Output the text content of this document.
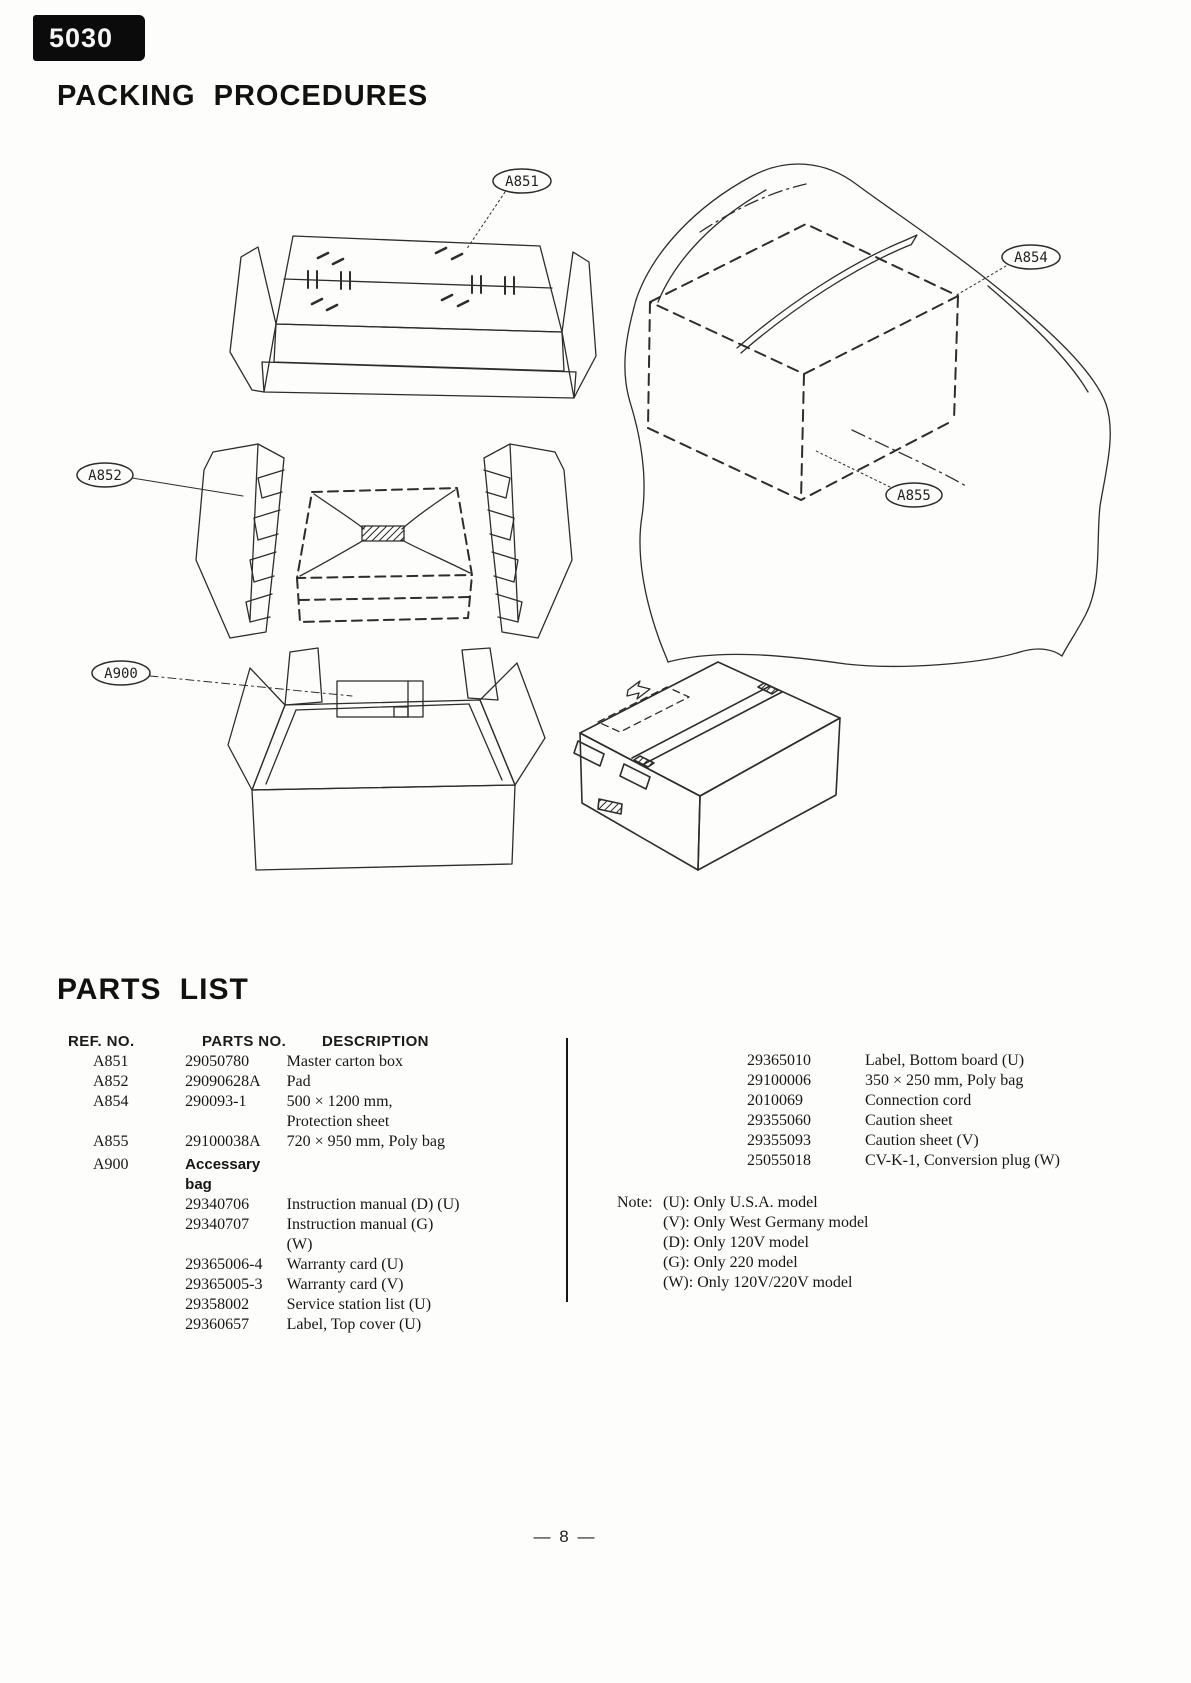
A851
A854
A852
A855
A900
5030
PACKING PROCEDURES
PARTS LIST
REF. NO.	PARTS NO.	DESCRIPTION
A851	29050780	Master carton box
A852	29090628A	Pad
A854	290093-1	500 × 1200 mm, Protection sheet
A855	29100038A	720 × 950 mm, Poly bag
A900	Accessary bag
29340706	Instruction manual (D) (U)
29340707	Instruction manual (G) (W)
29365006-4	Warranty card (U)
29365005-3	Warranty card (V)
29358002	Service station list (U)
29360657	Label, Top cover (U)
29365010	Label, Bottom board (U)
29100006	350 × 250 mm, Poly bag
2010069	Connection cord
29355060	Caution sheet
29355093	Caution sheet (V)
25055018	CV-K-1, Conversion plug (W)
Note: (U): Only U.S.A. model
(V): Only West Germany model
(D): Only 120V model
(G): Only 220 model
(W): Only 120V/220V model
— 8 —
